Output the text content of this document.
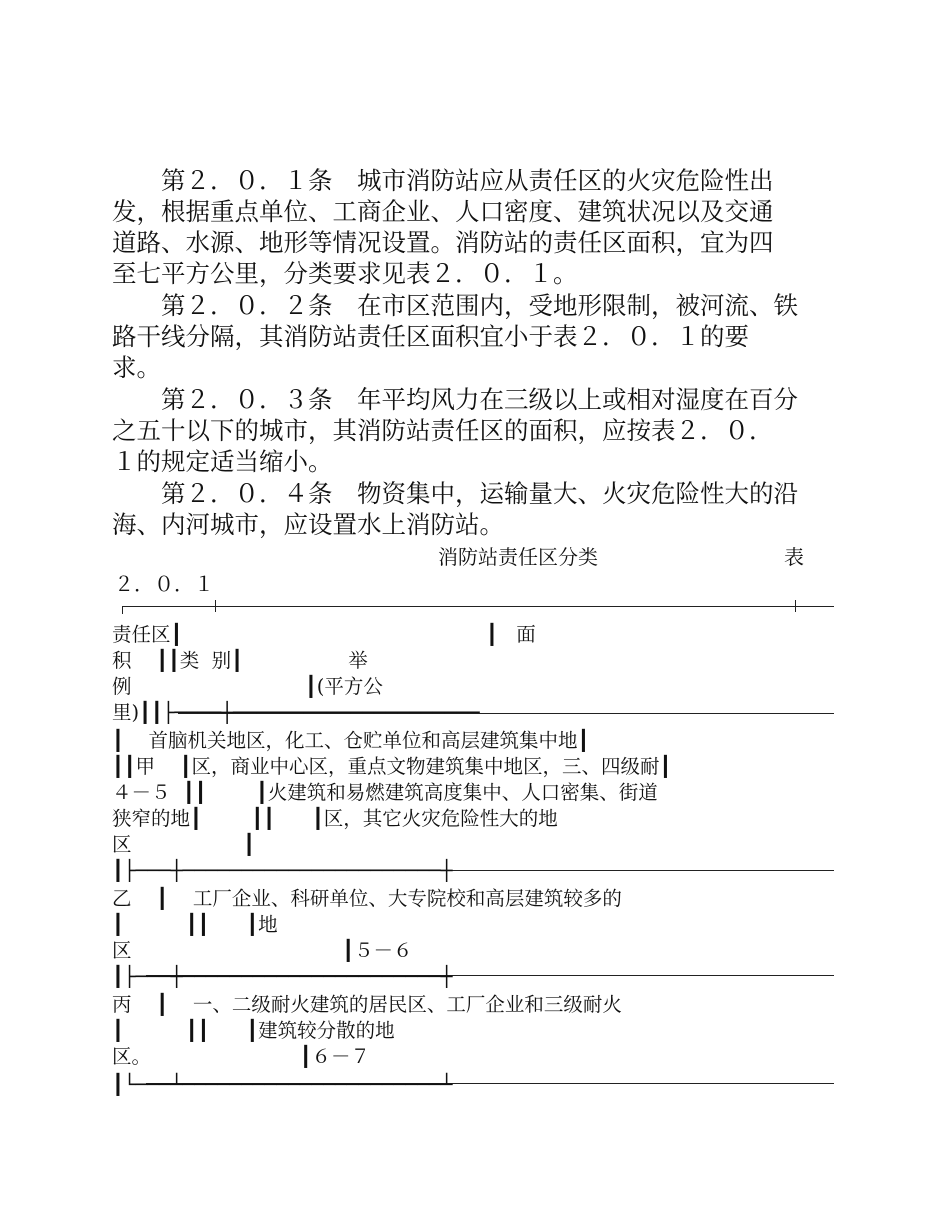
　　第２．０．１条　城市消防站应从责任区的火灾危险性出
发，根据重点单位、工商企业、人口密度、建筑状况以及交通
道路、水源、地形等情况设置。消防站的责任区面积，宜为四
至七平方公里，分类要求见表２．０．１。
　　第２．０．２条　在市区范围内，受地形限制，被河流、铁
路干线分隔，其消防站责任区面积宜小于表２．０．１的要
求。
　　第２．０．３条　年平均风力在三级以上或相对湿度在百分
之五十以下的城市，其消防站责任区的面积，应按表２．０．
１的规定适当缩小。
　　第２．０．４条　物资集中，运输量大、火灾危险性大的沿
海、内河城市，应设置水上消防站。
消防站责任区分类	表
２．０．１
责任区┃                                                 ┃   面
积    ┃┃类  别┃                 举
例                            ┃(平方公
里)┃┃├────┼─────────────────────
┃    首脑机关地区，化工、仓贮单位和高层建筑集中地┃
┃┃甲    ┃区，商业中心区，重点文物建筑集中地区，三、四级耐┃
４－５  ┃┃        ┃火建筑和易燃建筑高度集中、人口密集、街道
狭窄的地┃        ┃┃      ┃区，其它火灾危险性大的地
区                  ┃
┃├───┼──────────────────────┼
乙    ┃    工厂企业、科研单位、大专院校和高层建筑较多的
┃          ┃┃      ┃地
区                                  ┃５－６
┃├───┼──────────────────────┼
丙    ┃    一、二级耐火建筑的居民区、工厂企业和三级耐火
┃          ┃┃      ┃建筑较分散的地
区。                        ┃６－７
┃└───┴──────────────────────┴
